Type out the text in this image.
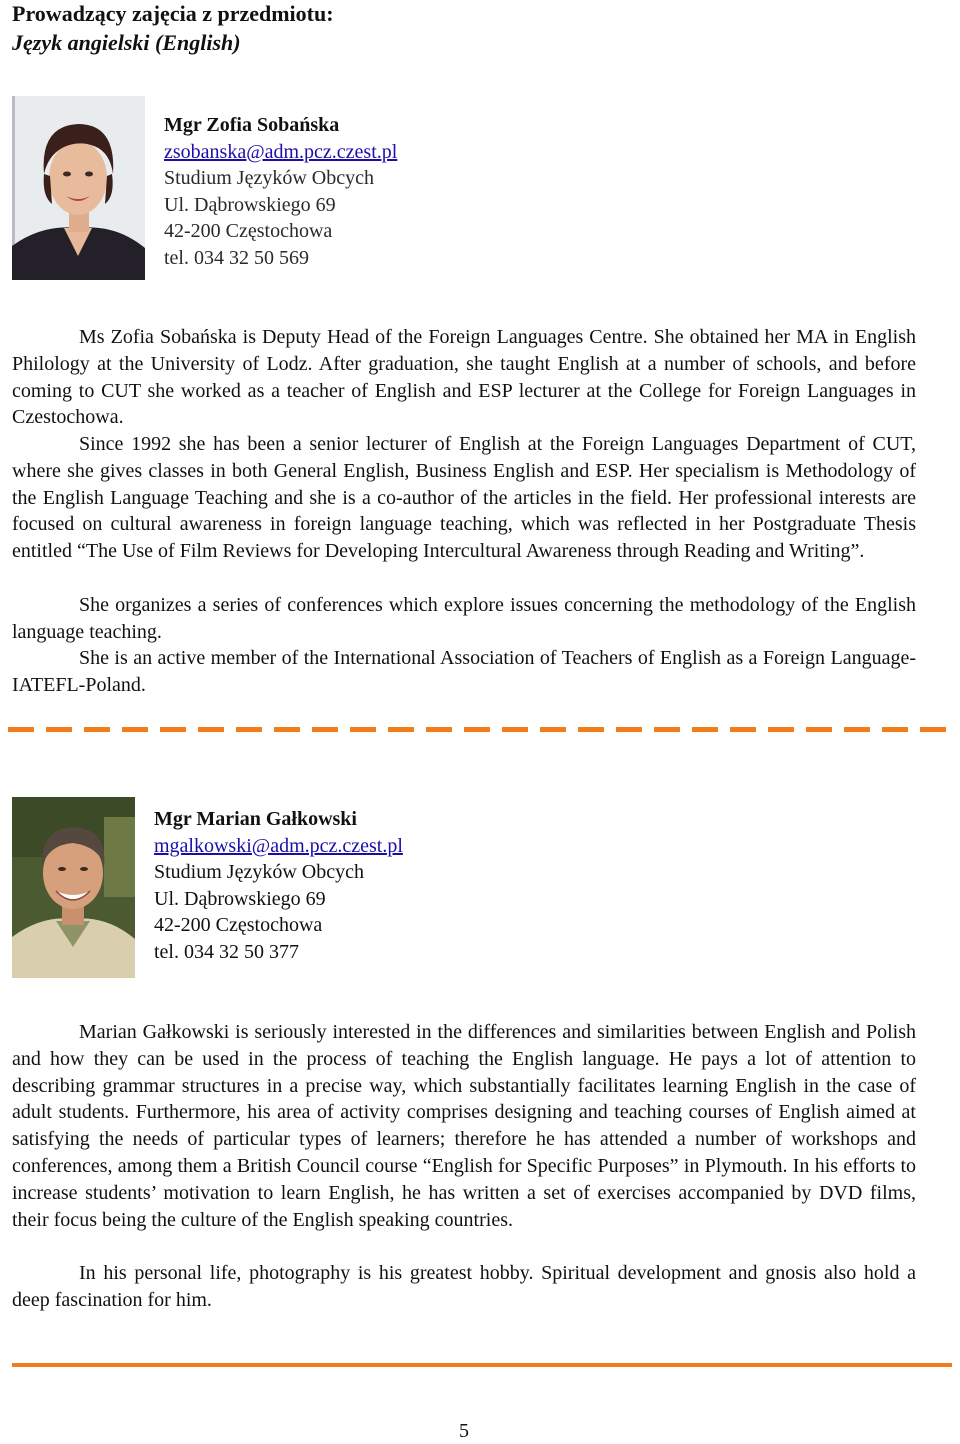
Prowadzący zajęcia z przedmiotu:
Język angielski (English)
Mgr Zofia Sobańska
zsobanska@adm.pcz.czest.pl
Studium Języków Obcych
Ul. Dąbrowskiego 69
42-200 Częstochowa
tel. 034 32 50 569

Ms Zofia Sobańska is Deputy Head of the Foreign Languages Centre. She obtained her MA in English Philology at the University of Lodz. After graduation, she taught English at a number of schools, and before coming to CUT she worked as a teacher of English and ESP lecturer at the College for Foreign Languages in Czestochowa.

Since 1992 she has been a senior lecturer of English at the Foreign Languages Department of CUT, where she gives classes in both General English, Business English and ESP. Her specialism is Methodology of the English Language Teaching and she is a co-author of the articles in the field. Her professional interests are focused on cultural awareness in foreign language teaching, which was reflected in her Postgraduate Thesis entitled “The Use of Film Reviews for Developing Intercultural Awareness through Reading and Writing”.

She organizes a series of conferences which explore issues concerning the methodology of the English language teaching.

She is an active member of the International Association of Teachers of English as a Foreign Language- IATEFL-Poland.

Mgr Marian Gałkowski
mgalkowski@adm.pcz.czest.pl
Studium Języków Obcych
Ul. Dąbrowskiego 69
42-200 Częstochowa
tel. 034 32 50 377

Marian Gałkowski is seriously interested in the differences and similarities between English and Polish and how they can be used in the process of teaching the English language. He pays a lot of attention to describing grammar structures in a precise way, which substantially facilitates learning English in the case of adult students. Furthermore, his area of activity comprises designing and teaching courses of English aimed at satisfying the needs of particular types of learners; therefore he has attended a number of workshops and conferences, among them a British Council course “English for Specific Purposes” in Plymouth. In his efforts to increase students’ motivation to learn English, he has written a set of exercises accompanied by DVD films, their focus being the culture of the English speaking countries.

In his personal life, photography is his greatest hobby. Spiritual development and gnosis also hold a deep fascination for him.

5
